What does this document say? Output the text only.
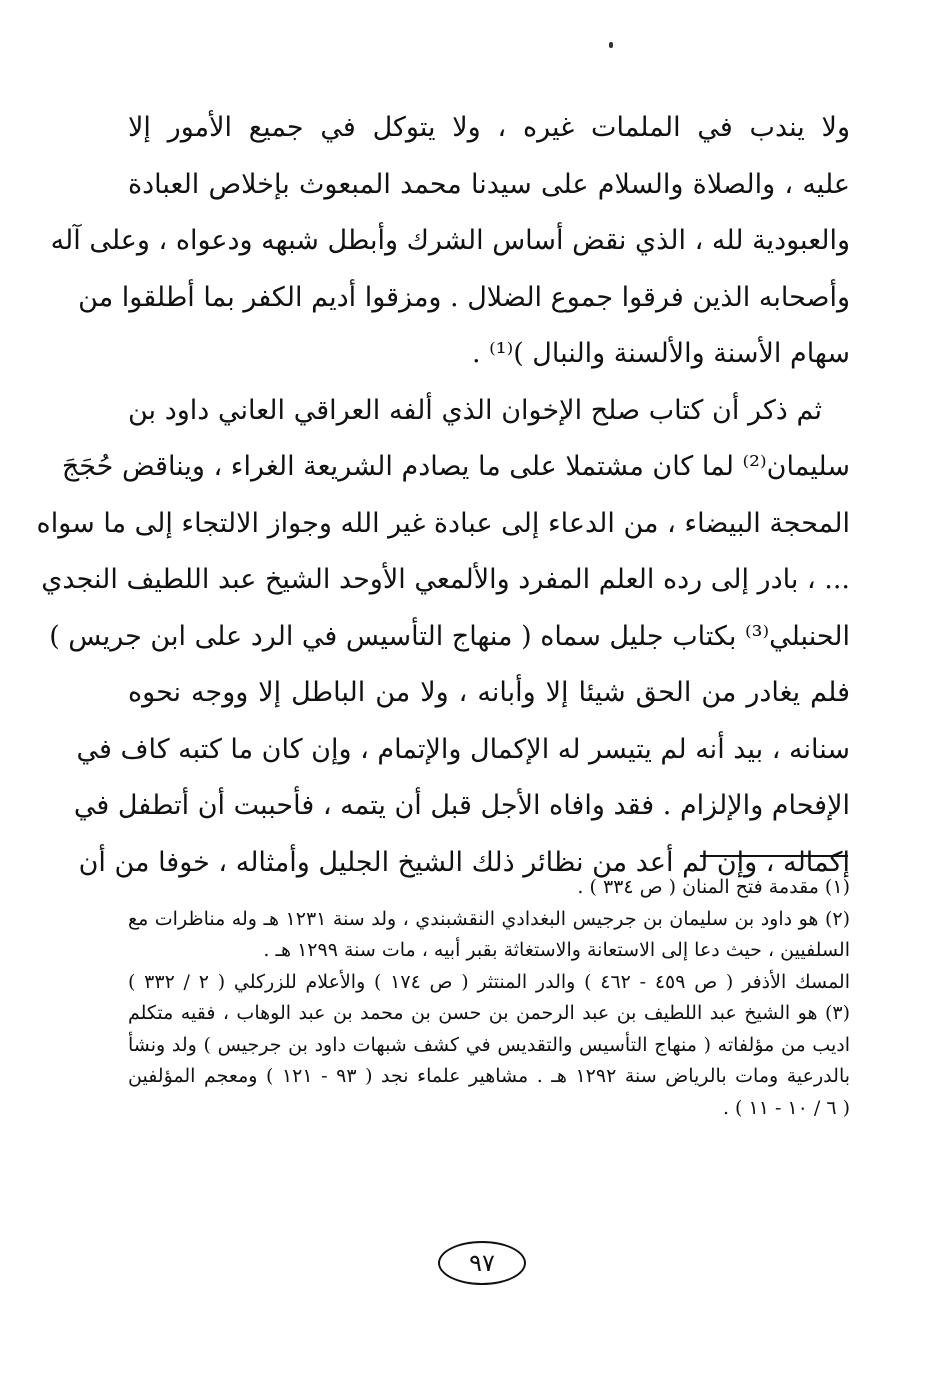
ولا يندب في الملمات غيره ، ولا يتوكل في جميع الأمور إلا
عليه ، والصلاة والسلام على سيدنا محمد المبعوث بإخلاص العبادة
والعبودية لله ، الذي نقض أساس الشرك وأبطل شبهه ودعواه ، وعلى آله
وأصحابه الذين فرقوا جموع الضلال . ومزقوا أديم الكفر بما أطلقوا من
سهام الأسنة والألسنة والنبال )⁽¹⁾ .
ثم ذكر أن كتاب صلح الإخوان الذي ألفه العراقي العاني داود بن
سليمان⁽²⁾ لما كان مشتملا على ما يصادم الشريعة الغراء ، ويناقض حُجَجَ
المحجة البيضاء ، من الدعاء إلى عبادة غير الله وجواز الالتجاء إلى ما سواه
... ، بادر إلى رده العلم المفرد والألمعي الأوحد الشيخ عبد اللطيف النجدي
الحنبلي⁽³⁾ بكتاب جليل سماه ( منهاج التأسيس في الرد على ابن جريس )
فلم يغادر من الحق شيئا إلا وأبانه ، ولا من الباطل إلا ووجه نحوه
سنانه ، بيد أنه لم يتيسر له الإكمال والإتمام ، وإن كان ما كتبه كاف في
الإفحام والإلزام . فقد وافاه الأجل قبل أن يتمه ، فأحببت أن أتطفل في
إكماله ، وإن لم أعد من نظائر ذلك الشيخ الجليل وأمثاله ، خوفا من أن
(١) مقدمة فتح المنان ( ص ٣٣٤ ) .
(٢) هو داود بن سليمان بن جرجيس البغدادي النقشبندي ، ولد سنة ١٢٣١ هـ وله مناظرات مع
السلفيين ، حيث دعا إلى الاستعانة والاستغاثة بقبر أبيه ، مات سنة ١٢٩٩ هـ .
المسك الأذفر ( ص ٤٥٩ - ٤٦٢ ) والدر المنتثر ( ص ١٧٤ ) والأعلام للزركلي ( ٢ / ٣٣٢ )
(٣) هو الشيخ عبد اللطيف بن عبد الرحمن بن حسن بن محمد بن عبد الوهاب ، فقيه متكلم
اديب من مؤلفاته ( منهاج التأسيس والتقديس في كشف شبهات داود بن جرجيس ) ولد ونشأ
بالدرعية ومات بالرياض سنة ١٢٩٢ هـ . مشاهير علماء نجد ( ٩٣ - ١٢١ ) ومعجم المؤلفين
( ٦ / ١٠ - ١١ ) .
٩٧
